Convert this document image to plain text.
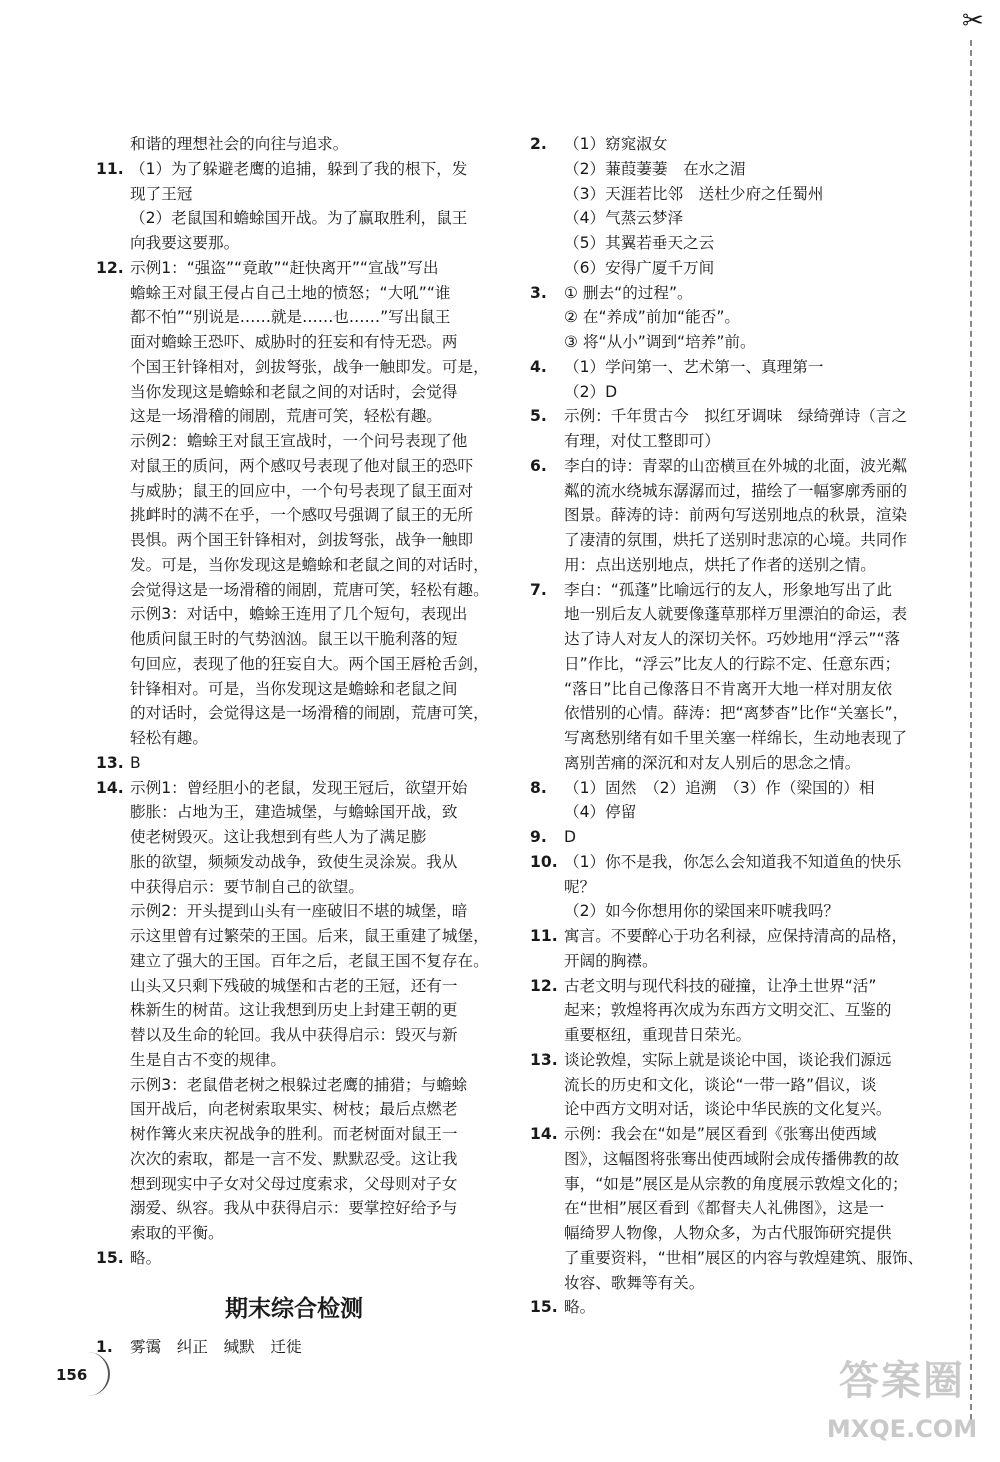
✂
和谐的理想社会的向往与追求。
11. （1）为了躲避老鹰的追捕，躲到了我的根下，发
现了王冠
（2）老鼠国和蟾蜍国开战。为了赢取胜利，鼠王
向我要这要那。
12. 示例1：“强盗”“竟敢”“赶快离开”“宣战”写出
蟾蜍王对鼠王侵占自己土地的愤怒；“大吼”“谁
都不怕”“别说是……就是……也……”写出鼠王
面对蟾蜍王恐吓、威胁时的狂妄和有恃无恐。两
个国王针锋相对，剑拔弩张，战争一触即发。可是，
当你发现这是蟾蜍和老鼠之间的对话时，会觉得
这是一场滑稽的闹剧，荒唐可笑，轻松有趣。
示例2：蟾蜍王对鼠王宣战时，一个问号表现了他
对鼠王的质问，两个感叹号表现了他对鼠王的恐吓
与威胁；鼠王的回应中，一个句号表现了鼠王面对
挑衅时的满不在乎，一个感叹号强调了鼠王的无所
畏惧。两个国王针锋相对，剑拔弩张，战争一触即
发。可是，当你发现这是蟾蜍和老鼠之间的对话时，
会觉得这是一场滑稽的闹剧，荒唐可笑，轻松有趣。
示例3：对话中，蟾蜍王连用了几个短句，表现出
他质问鼠王时的气势汹汹。鼠王以干脆利落的短
句回应，表现了他的狂妄自大。两个国王唇枪舌剑，
针锋相对。可是，当你发现这是蟾蜍和老鼠之间
的对话时，会觉得这是一场滑稽的闹剧，荒唐可笑，
轻松有趣。
13. B
14. 示例1：曾经胆小的老鼠，发现王冠后，欲望开始
膨胀：占地为王，建造城堡，与蟾蜍国开战，致
使老树毁灭。这让我想到有些人为了满足膨
胀的欲望，频频发动战争，致使生灵涂炭。我从
中获得启示：要节制自己的欲望。
示例2：开头提到山头有一座破旧不堪的城堡，暗
示这里曾有过繁荣的王国。后来，鼠王重建了城堡，
建立了强大的王国。百年之后，老鼠王国不复存在。
山头又只剩下残破的城堡和古老的王冠，还有一
株新生的树苗。这让我想到历史上封建王朝的更
替以及生命的轮回。我从中获得启示：毁灭与新
生是自古不变的规律。
示例3：老鼠借老树之根躲过老鹰的捕猎；与蟾蜍
国开战后，向老树索取果实、树枝；最后点燃老
树作篝火来庆祝战争的胜利。而老树面对鼠王一
次次的索取，都是一言不发、默默忍受。这让我
想到现实中子女对父母过度索求，父母则对子女
溺爱、纵容。我从中获得启示：要掌控好给予与
索取的平衡。
15. 略。
期末综合检测
1. 雾霭　纠正　缄默　迁徙
2. （1）窈窕淑女
（2）蒹葭萋萋　在水之湄
（3）天涯若比邻　送杜少府之任蜀州
（4）气蒸云梦泽
（5）其翼若垂天之云
（6）安得广厦千万间
3. ① 删去“的过程”。
② 在“养成”前加“能否”。
③ 将“从小”调到“培养”前。
4. （1）学问第一、艺术第一、真理第一
（2）D
5. 示例：千年贯古今　拟红牙调味　绿绮弹诗（言之
有理，对仗工整即可）
6. 李白的诗：青翠的山峦横亘在外城的北面，波光粼
粼的流水绕城东潺潺而过，描绘了一幅寥廓秀丽的
图景。薛涛的诗：前两句写送别地点的秋景，渲染
了凄清的氛围，烘托了送别时悲凉的心境。共同作
用：点出送别地点，烘托了作者的送别之情。
7. 李白：“孤蓬”比喻远行的友人，形象地写出了此
地一别后友人就要像蓬草那样万里漂泊的命运，表
达了诗人对友人的深切关怀。巧妙地用“浮云”“落
日”作比，“浮云”比友人的行踪不定、任意东西；
“落日”比自己像落日不肯离开大地一样对朋友依
依惜别的心情。薛涛：把“离梦杳”比作“关塞长”，
写离愁别绪有如千里关塞一样绵长，生动地表现了
离别苦痛的深沉和对友人别后的思念之情。
8. （1）固然　（2）追溯　（3）作（梁国的）相
（4）停留
9. D
10. （1）你不是我，你怎么会知道我不知道鱼的快乐
呢？
（2）如今你想用你的梁国来吓唬我吗？
11. 寓言。不要醉心于功名利禄，应保持清高的品格，
开阔的胸襟。
12. 古老文明与现代科技的碰撞，让净土世界“活”
起来；敦煌将再次成为东西方文明交汇、互鉴的
重要枢纽，重现昔日荣光。
13. 谈论敦煌，实际上就是谈论中国，谈论我们源远
流长的历史和文化，谈论“一带一路”倡议，谈
论中西方文明对话，谈论中华民族的文化复兴。
14. 示例：我会在“如是”展区看到《张骞出使西域
图》，这幅图将张骞出使西域附会成传播佛教的故
事，“如是”展区是从宗教的角度展示敦煌文化的；
在“世相”展区看到《都督夫人礼佛图》，这是一
幅绮罗人物像，人物众多，为古代服饰研究提供
了重要资料，“世相”展区的内容与敦煌建筑、服饰、
妆容、歌舞等有关。
15. 略。
156	答案圈
MXQE.COM
